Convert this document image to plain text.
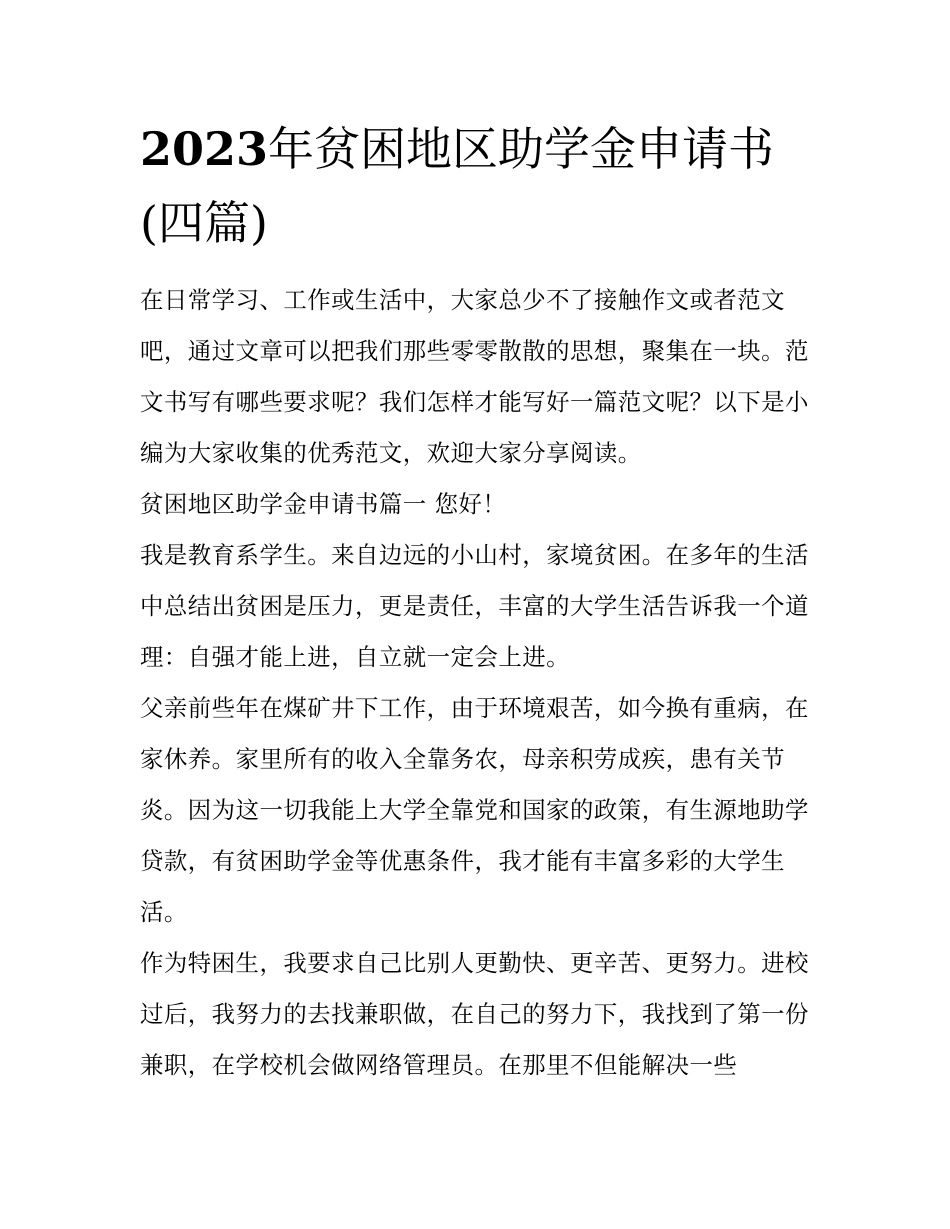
2023年贫困地区助学金申请书(四篇)

在日常学习、工作或生活中，大家总少不了接触作文或者范文吧，通过文章可以把我们那些零零散散的思想，聚集在一块。范文书写有哪些要求呢？我们怎样才能写好一篇范文呢？以下是小编为大家收集的优秀范文，欢迎大家分享阅读。

贫困地区助学金申请书篇一 您好！

我是教育系学生。来自边远的小山村，家境贫困。在多年的生活中总结出贫困是压力，更是责任，丰富的大学生活告诉我一个道理：自强才能上进，自立就一定会上进。

父亲前些年在煤矿井下工作，由于环境艰苦，如今换有重病，在家休养。家里所有的收入全靠务农，母亲积劳成疾，患有关节炎。因为这一切我能上大学全靠党和国家的政策，有生源地助学贷款，有贫困助学金等优惠条件，我才能有丰富多彩的大学生活。

作为特困生，我要求自己比别人更勤快、更辛苦、更努力。进校过后，我努力的去找兼职做，在自己的努力下，我找到了第一份兼职，在学校机会做网络管理员。在那里不但能解决一些
